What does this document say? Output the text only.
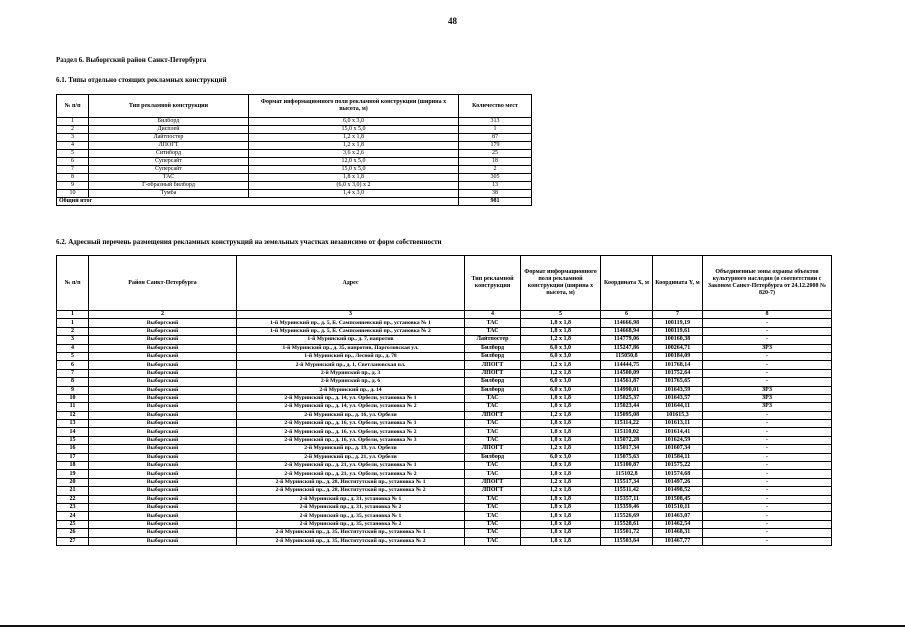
48
Раздел 6. Выборгский район Санкт-Петербурга
6.1. Типы отдельно стоящих рекламных конструкций
№ п/п	Тип рекламной конструкции	Формат информационного поля рекламной конструкции (ширина x высота, м)	Количество мест
1	Билборд	6,0 x 3,0	313
2	Дисплей	15,0 x 5,0	1
3	Лайтпостер	1,2 x 1,8	87
4	ЛПОГТ	1,2 x 1,8	179
5	Ситиборд	3,6 x 2,6	25
6	Суперсайт	12,0 x 5,0	18
7	Суперсайт	15,0 x 5,0	2
8	ТАС	1,8 x 1,8	305
9	Г-образный билборд	(6,0 x 3,0) x 2	13
10	Тумба	1,4 x 3,0	38
Общий итог			981
6.2. Адресный перечень размещения рекламных конструкций на земельных участках независимо от форм собственности
№ п/п	Район Санкт-Петербурга	Адрес	Тип рекламной конструкции	Формат информационного поля рекламной конструкции (ширина x высота, м)	Координата X, м	Координата Y, м	Объединенные зоны охраны объектов культурного наследия (в соответствии с Законом Санкт-Петербурга от 24.12.2008 № 820-7)
1	2	3	4	5	6	7	8
1	Выборгский	1-й Муринский пр., д. 5, Б. Сампсониевский пр., установка № 1	ТАС	1,8 x 1,8	114666,98	100119,19	-
2	Выборгский	1-й Муринский пр., д. 5, Б. Сампсониевский пр., установка № 2	ТАС	1,8 x 1,8	114668,94	100119,61	-
3	Выборгский	1-й Муринский пр., д. 7, напротив	Лайтпостер	1,2 x 1,8	114779,06	100160,38	-
4	Выборгский	1-й Муринский пр., д. 35, напротив, Парголовская ул.	Билборд	6,0 x 3,0	115247,86	100264,71	ЗРЗ
5	Выборгский	1-й Муринский пр., Лесной пр., д. 78	Билборд	6,0 x 3,0	115050,8	100184,09	-
6	Выборгский	2-й Муринский пр., д. 1, Светлановская пл.	ЛПОГТ	1,2 x 1,8	114444,75	101768,14	-
7	Выборгский	2-й Муринский пр., д. 3	ЛПОГТ	1,2 x 1,8	114500,09	101752,64	-
8	Выборгский	2-й Муринский пр., д. 6	Билборд	6,0 x 3,0	114561,87	101765,65	-
9	Выборгский	2-й Муринский пр., д. 14	Билборд	6,0 x 3,0	114990,01	101643,59	ЗРЗ
10	Выборгский	2-й Муринский пр., д. 14, ул. Орбели, установка № 1	ТАС	1,8 x 1,8	115025,37	101643,57	ЗРЗ
11	Выборгский	2-й Муринский пр., д. 14, ул. Орбели, установка № 2	ТАС	1,8 x 1,8	115023,44	101644,11	ЗРЗ
12	Выборгский	2-й Муринский пр., д. 16, ул. Орбели	ЛПОГТ	1,2 x 1,8	115095,08	101615,3	-
13	Выборгский	2-й Муринский пр., д. 16, ул. Орбели, установка № 1	ТАС	1,8 x 1,8	115114,22	101613,11	-
14	Выборгский	2-й Муринский пр., д. 16, ул. Орбели, установка № 2	ТАС	1,8 x 1,8	115110,02	101614,41	-
15	Выборгский	2-й Муринский пр., д. 16, ул. Орбели, установка № 3	ТАС	1,8 x 1,8	115072,28	101624,59	-
16	Выборгский	2-й Муринский пр., д. 19, ул. Орбели	ЛПОГТ	1,2 x 1,8	115017,34	101607,34	-
17	Выборгский	2-й Муринский пр., д. 21, ул. Орбели	Билборд	6,0 x 3,0	115075,63	101584,11	-
18	Выборгский	2-й Муринский пр., д. 21, ул. Орбели, установка № 1	ТАС	1,8 x 1,8	115100,87	101575,22	-
19	Выборгский	2-й Муринский пр., д. 21, ул. Орбели, установка № 2	ТАС	1,8 x 1,8	115102,8	101574,68	-
20	Выборгский	2-й Муринский пр., д. 28, Институтский пр., установка № 1	ЛПОГТ	1,2 x 1,8	115517,34	101497,26	-
21	Выборгский	2-й Муринский пр., д. 28, Институтский пр., установка № 2	ЛПОГТ	1,2 x 1,8	115511,42	101498,52	-
22	Выборгский	2-й Муринский пр., д. 31, установка № 1	ТАС	1,8 x 1,8	115357,11	101508,45	-
23	Выборгский	2-й Муринский пр., д. 31, установка № 2	ТАС	1,8 x 1,8	115359,46	101510,11	-
24	Выборгский	2-й Муринский пр., д. 35, установка № 1	ТАС	1,8 x 1,8	115526,69	101463,07	-
25	Выборгский	2-й Муринский пр., д. 35, установка № 2	ТАС	1,8 x 1,8	115528,61	101462,54	-
26	Выборгский	2-й Муринский пр., д. 35, Институтский пр., установка № 1	ТАС	1,8 x 1,8	115501,72	101468,31	-
27	Выборгский	2-й Муринский пр., д. 35, Институтский пр., установка № 2	ТАС	1,8 x 1,8	115503,64	101467,77	-
